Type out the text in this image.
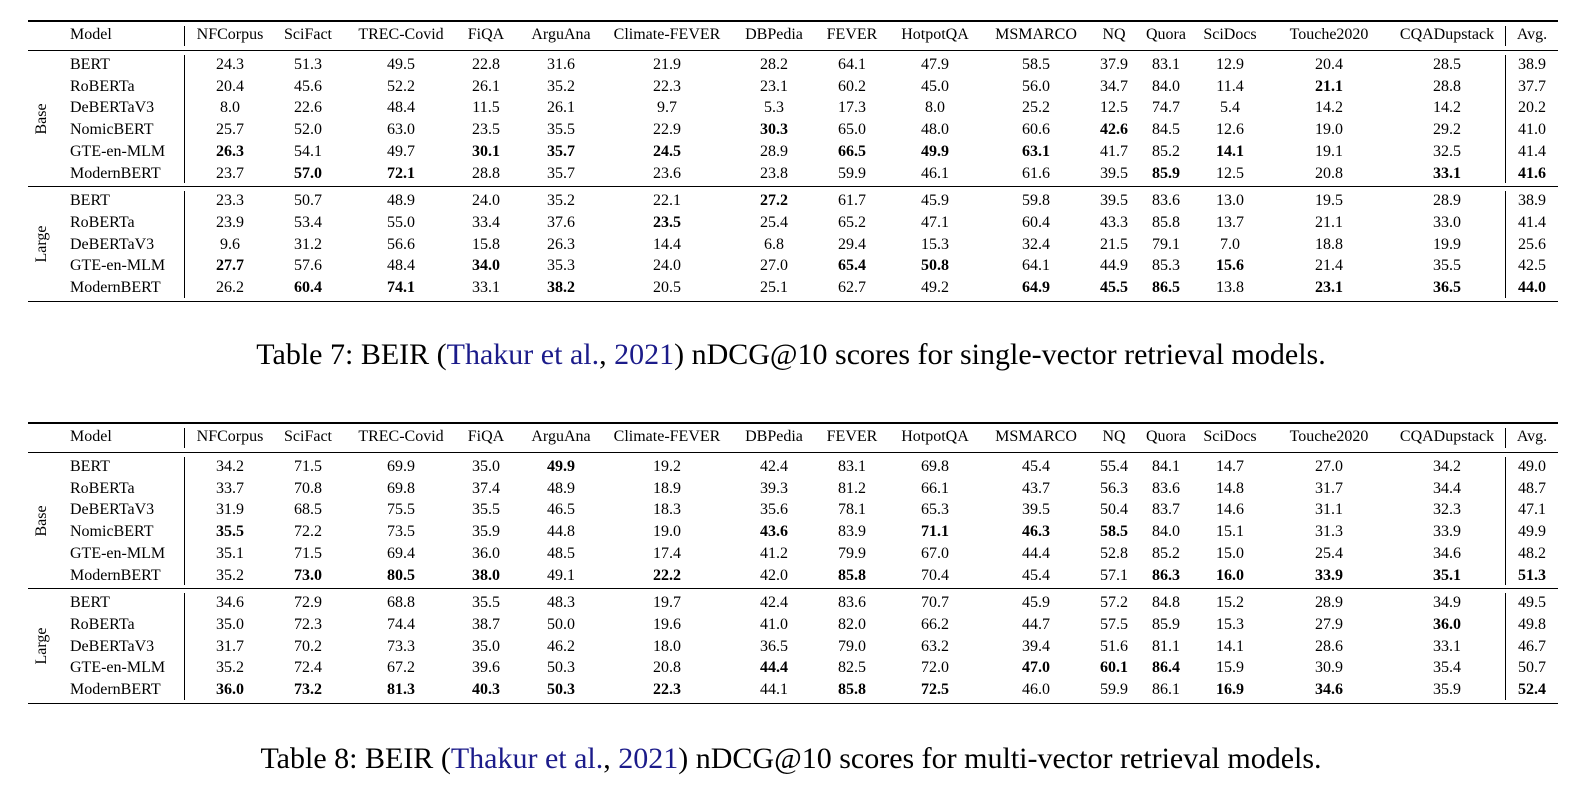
Model	NFCorpus	SciFact	TREC-Covid	FiQA	ArguAna	Climate-FEVER	DBPedia	FEVER	HotpotQA	MSMARCO	NQ	Quora	SciDocs	Touche2020	CQADupstack	Avg.
BERT	24.3	51.3	49.5	22.8	31.6	21.9	28.2	64.1	47.9	58.5	37.9	83.1	12.9	20.4	28.5	38.9
RoBERTa	20.4	45.6	52.2	26.1	35.2	22.3	23.1	60.2	45.0	56.0	34.7	84.0	11.4	21.1	28.8	37.7
DeBERTaV3	8.0	22.6	48.4	11.5	26.1	9.7	5.3	17.3	8.0	25.2	12.5	74.7	5.4	14.2	14.2	20.2
NomicBERT	25.7	52.0	63.0	23.5	35.5	22.9	30.3	65.0	48.0	60.6	42.6	84.5	12.6	19.0	29.2	41.0
GTE-en-MLM	26.3	54.1	49.7	30.1	35.7	24.5	28.9	66.5	49.9	63.1	41.7	85.2	14.1	19.1	32.5	41.4
ModernBERT	23.7	57.0	72.1	28.8	35.7	23.6	23.8	59.9	46.1	61.6	39.5	85.9	12.5	20.8	33.1	41.6
Base
BERT	23.3	50.7	48.9	24.0	35.2	22.1	27.2	61.7	45.9	59.8	39.5	83.6	13.0	19.5	28.9	38.9
RoBERTa	23.9	53.4	55.0	33.4	37.6	23.5	25.4	65.2	47.1	60.4	43.3	85.8	13.7	21.1	33.0	41.4
DeBERTaV3	9.6	31.2	56.6	15.8	26.3	14.4	6.8	29.4	15.3	32.4	21.5	79.1	7.0	18.8	19.9	25.6
GTE-en-MLM	27.7	57.6	48.4	34.0	35.3	24.0	27.0	65.4	50.8	64.1	44.9	85.3	15.6	21.4	35.5	42.5
ModernBERT	26.2	60.4	74.1	33.1	38.2	20.5	25.1	62.7	49.2	64.9	45.5	86.5	13.8	23.1	36.5	44.0
Large
Table 7: BEIR (Thakur et al., 2021) nDCG@10 scores for single-vector retrieval models.
Model	NFCorpus	SciFact	TREC-Covid	FiQA	ArguAna	Climate-FEVER	DBPedia	FEVER	HotpotQA	MSMARCO	NQ	Quora	SciDocs	Touche2020	CQADupstack	Avg.
BERT	34.2	71.5	69.9	35.0	49.9	19.2	42.4	83.1	69.8	45.4	55.4	84.1	14.7	27.0	34.2	49.0
RoBERTa	33.7	70.8	69.8	37.4	48.9	18.9	39.3	81.2	66.1	43.7	56.3	83.6	14.8	31.7	34.4	48.7
DeBERTaV3	31.9	68.5	75.5	35.5	46.5	18.3	35.6	78.1	65.3	39.5	50.4	83.7	14.6	31.1	32.3	47.1
NomicBERT	35.5	72.2	73.5	35.9	44.8	19.0	43.6	83.9	71.1	46.3	58.5	84.0	15.1	31.3	33.9	49.9
GTE-en-MLM	35.1	71.5	69.4	36.0	48.5	17.4	41.2	79.9	67.0	44.4	52.8	85.2	15.0	25.4	34.6	48.2
ModernBERT	35.2	73.0	80.5	38.0	49.1	22.2	42.0	85.8	70.4	45.4	57.1	86.3	16.0	33.9	35.1	51.3
Base
BERT	34.6	72.9	68.8	35.5	48.3	19.7	42.4	83.6	70.7	45.9	57.2	84.8	15.2	28.9	34.9	49.5
RoBERTa	35.0	72.3	74.4	38.7	50.0	19.6	41.0	82.0	66.2	44.7	57.5	85.9	15.3	27.9	36.0	49.8
DeBERTaV3	31.7	70.2	73.3	35.0	46.2	18.0	36.5	79.0	63.2	39.4	51.6	81.1	14.1	28.6	33.1	46.7
GTE-en-MLM	35.2	72.4	67.2	39.6	50.3	20.8	44.4	82.5	72.0	47.0	60.1	86.4	15.9	30.9	35.4	50.7
ModernBERT	36.0	73.2	81.3	40.3	50.3	22.3	44.1	85.8	72.5	46.0	59.9	86.1	16.9	34.6	35.9	52.4
Large
Table 8: BEIR (Thakur et al., 2021) nDCG@10 scores for multi-vector retrieval models.
